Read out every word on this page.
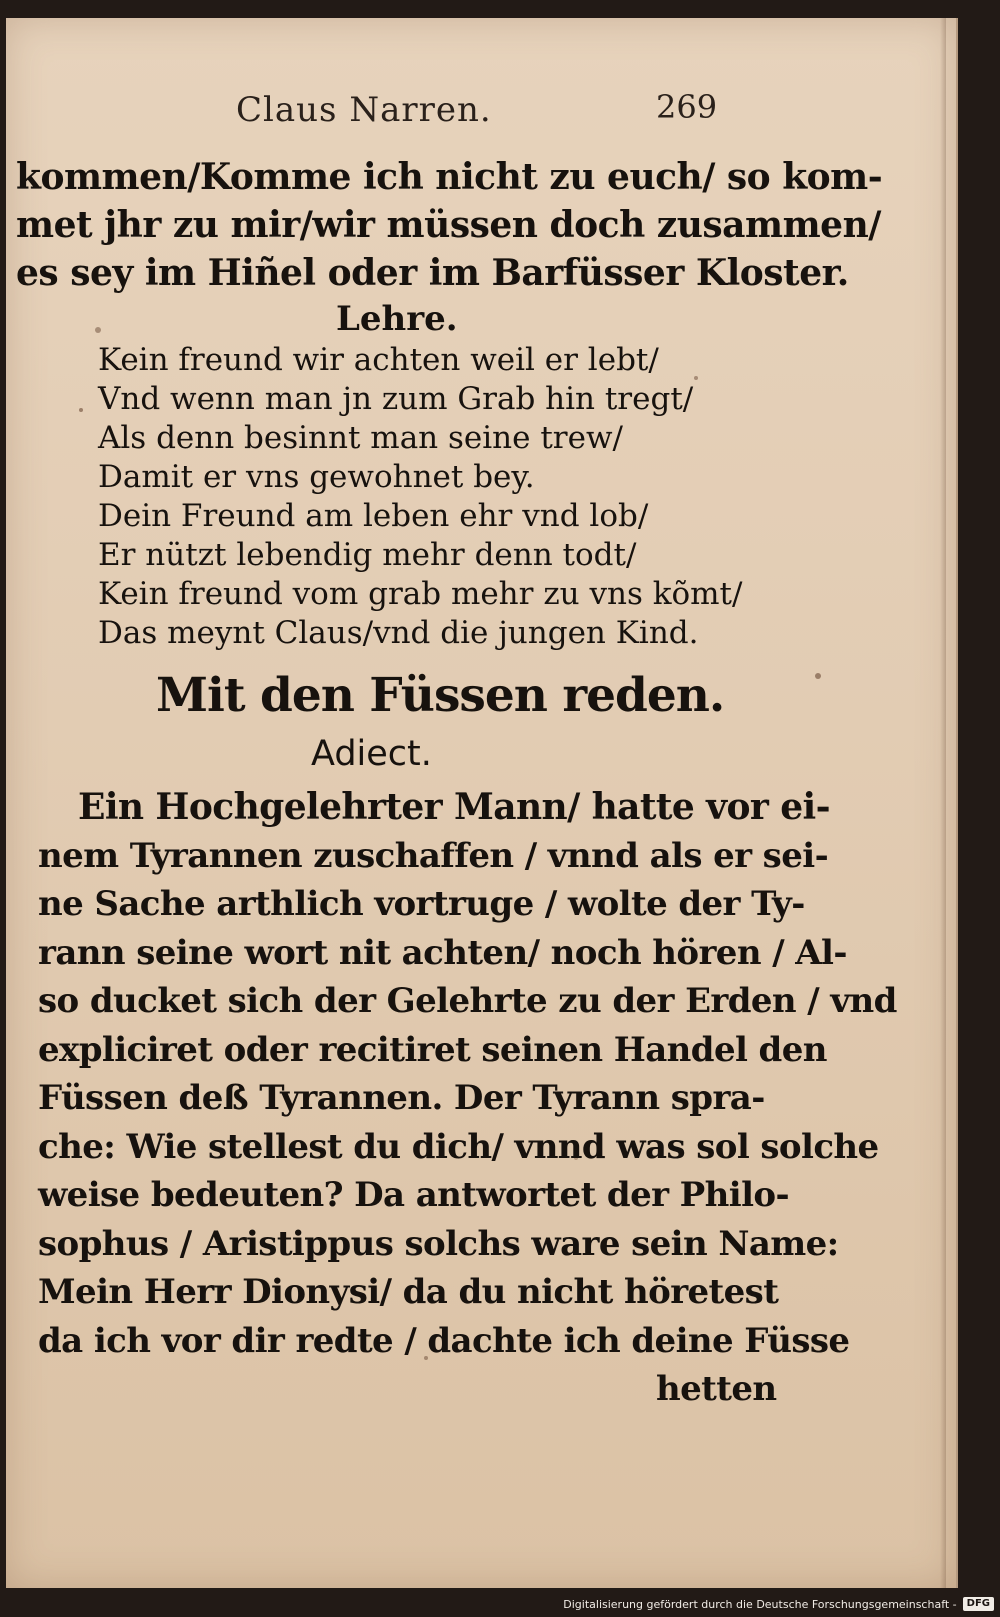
Claus Narren.	269
kommen/Komme ich nicht zu euch/ so kom-
met jhr zu mir/wir müssen doch zusammen/
es sey im Hiñel oder im Barfüsser Kloster.
Lehre.
Kein freund wir achten weil er lebt/
Vnd wenn man jn zum Grab hin tregt/
Als denn besinnt man seine trew/
Damit er vns gewohnet bey.
Dein Freund am leben ehr vnd lob/
Er nützt lebendig mehr denn todt/
Kein freund vom grab mehr zu vns kõmt/
Das meynt Claus/vnd die jungen Kind.
Mit den Füssen reden.
Adiect.
Ein Hochgelehrter Mann/ hatte vor ei-
nem Tyrannen zuschaffen / vnnd als er sei-
ne Sache arthlich vortruge / wolte der Ty-
rann seine wort nit achten/ noch hören / Al-
so ducket sich der Gelehrte zu der Erden / vnd
expliciret oder recitiret seinen Handel den
Füssen deß Tyrannen. Der Tyrann spra-
che: Wie stellest du dich/ vnnd was sol solche
weise bedeuten? Da antwortet der Philo-
sophus / Aristippus solchs ware sein Name:
Mein Herr Dionysi/ da du nicht höretest
da ich vor dir redte / dachte ich deine Füsse
hetten
Digitalisierung gefördert durch die Deutsche Forschungsgemeinschaft -	DFG
